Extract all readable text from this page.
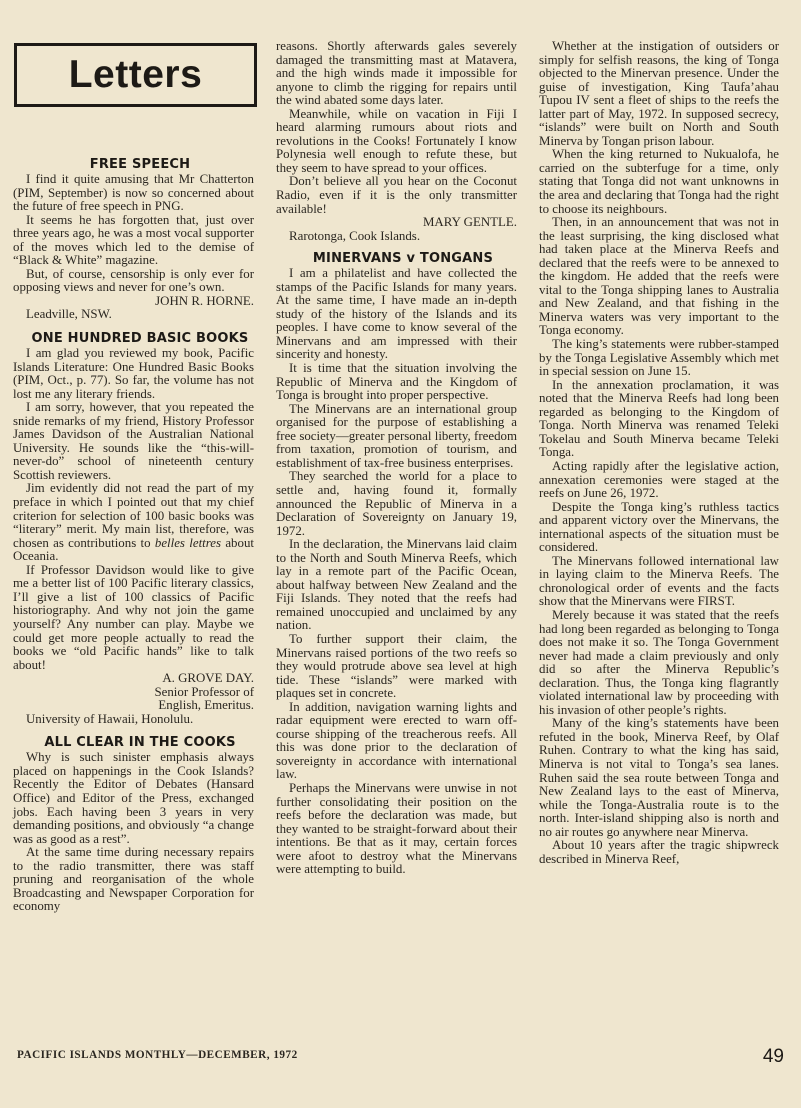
Letters

FREE SPEECH

I find it quite amusing that Mr Chatterton (PIM, September) is now so concerned about the future of free speech in PNG.

It seems he has forgotten that, just over three years ago, he was a most vocal supporter of the moves which led to the demise of “Black & White” magazine.

But, of course, censorship is only ever for opposing views and never for one’s own.

JOHN R. HORNE.

Leadville, NSW.

ONE HUNDRED BASIC BOOKS

I am glad you reviewed my book, Pacific Islands Literature: One Hundred Basic Books (PIM, Oct., p. 77). So far, the volume has not lost me any literary friends.

I am sorry, however, that you repeated the snide remarks of my friend, History Professor James Davidson of the Australian National University. He sounds like the “this-will-never-do” school of nineteenth century Scottish reviewers.

Jim evidently did not read the part of my preface in which I pointed out that my chief criterion for selection of 100 basic books was “literary” merit. My main list, therefore, was chosen as contributions to belles lettres about Oceania.

If Professor Davidson would like to give me a better list of 100 Pacific literary classics, I’ll give a list of 100 classics of Pacific historiography. And why not join the game yourself? Any number can play. Maybe we could get more people actually to read the books we “old Pacific hands” like to talk about!

A. GROVE DAY.

Senior Professor of

English, Emeritus.

University of Hawaii, Honolulu.

ALL CLEAR IN THE COOKS

Why is such sinister emphasis always placed on happenings in the Cook Islands? Recently the Editor of Debates (Hansard Office) and Editor of the Press, exchanged jobs. Each having been 3 years in very demanding positions, and obviously “a change was as good as a rest”.

At the same time during necessary repairs to the radio transmitter, there was staff pruning and reorganisation of the whole Broadcasting and Newspaper Corporation for economy

reasons. Shortly afterwards gales severely damaged the transmitting mast at Matavera, and the high winds made it impossible for anyone to climb the rigging for repairs until the wind abated some days later.

Meanwhile, while on vacation in Fiji I heard alarming rumours about riots and revolutions in the Cooks! Fortunately I know Polynesia well enough to refute these, but they seem to have spread to your offices.

Don’t believe all you hear on the Coconut Radio, even if it is the only transmitter available!

MARY GENTLE.

Rarotonga, Cook Islands.

MINERVANS v TONGANS

I am a philatelist and have collected the stamps of the Pacific Islands for many years. At the same time, I have made an in-depth study of the history of the Islands and its peoples. I have come to know several of the Minervans and am impressed with their sincerity and honesty.

It is time that the situation involving the Republic of Minerva and the Kingdom of Tonga is brought into proper perspective.

The Minervans are an international group organised for the purpose of establishing a free society—greater personal liberty, freedom from taxation, promotion of tourism, and establishment of tax-free business enterprises.

They searched the world for a place to settle and, having found it, formally announced the Republic of Minerva in a Declaration of Sovereignty on January 19, 1972.

In the declaration, the Minervans laid claim to the North and South Minerva Reefs, which lay in a remote part of the Pacific Ocean, about halfway between New Zealand and the Fiji Islands. They noted that the reefs had remained unoccupied and unclaimed by any nation.

To further support their claim, the Minervans raised portions of the two reefs so they would protrude above sea level at high tide. These “islands” were marked with plaques set in concrete.

In addition, navigation warning lights and radar equipment were erected to warn off-course shipping of the treacherous reefs. All this was done prior to the declaration of sovereignty in accordance with international law.

Perhaps the Minervans were unwise in not further consolidating their position on the reefs before the declaration was made, but they wanted to be straight-forward about their intentions. Be that as it may, certain forces were afoot to destroy what the Minervans were attempting to build.

Whether at the instigation of outsiders or simply for selfish reasons, the king of Tonga objected to the Minervan presence. Under the guise of investigation, King Taufa’ahau Tupou IV sent a fleet of ships to the reefs the latter part of May, 1972. In supposed secrecy, “islands” were built on North and South Minerva by Tongan prison labour.

When the king returned to Nukualofa, he carried on the subterfuge for a time, only stating that Tonga did not want unknowns in the area and declaring that Tonga had the right to choose its neighbours.

Then, in an announcement that was not in the least surprising, the king disclosed what had taken place at the Minerva Reefs and declared that the reefs were to be annexed to the kingdom. He added that the reefs were vital to the Tonga shipping lanes to Australia and New Zealand, and that fishing in the Minerva waters was very important to the Tonga economy.

The king’s statements were rubber-stamped by the Tonga Legislative Assembly which met in special session on June 15.

In the annexation proclamation, it was noted that the Minerva Reefs had long been regarded as belonging to the Kingdom of Tonga. North Minerva was renamed Teleki Tokelau and South Minerva became Teleki Tonga.

Acting rapidly after the legislative action, annexation ceremonies were staged at the reefs on June 26, 1972.

Despite the Tonga king’s ruthless tactics and apparent victory over the Minervans, the international aspects of the situation must be considered.

The Minervans followed international law in laying claim to the Minerva Reefs. The chronological order of events and the facts show that the Minervans were FIRST.

Merely because it was stated that the reefs had long been regarded as belonging to Tonga does not make it so. The Tonga Government never had made a claim previously and only did so after the Minerva Republic’s declaration. Thus, the Tonga king flagrantly violated international law by proceeding with his invasion of other people’s rights.

Many of the king’s statements have been refuted in the book, Minerva Reef, by Olaf Ruhen. Contrary to what the king has said, Minerva is not vital to Tonga’s sea lanes. Ruhen said the sea route between Tonga and New Zealand lays to the east of Minerva, while the Tonga-Australia route is to the north. Inter-island shipping also is north and no air routes go anywhere near Minerva.

About 10 years after the tragic shipwreck described in Minerva Reef,

PACIFIC ISLANDS MONTHLY—DECEMBER, 1972	49
